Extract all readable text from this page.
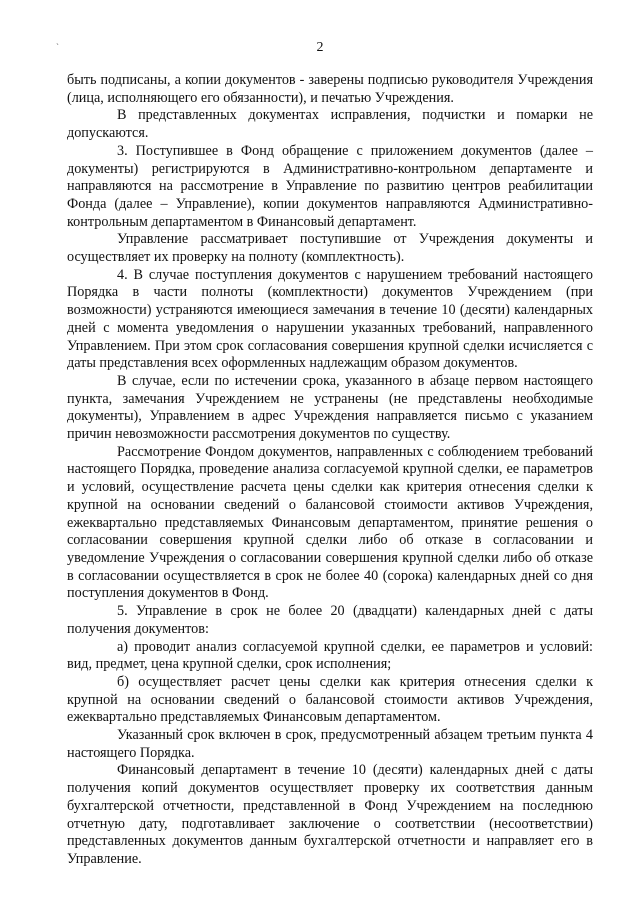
`	2

быть подписаны, а копии документов - заверены подписью руководителя Учреждения (лица, исполняющего его обязанности), и печатью Учреждения.

В представленных документах исправления, подчистки и помарки не допускаются.

3. Поступившее в Фонд обращение с приложением документов (далее – документы) регистрируются в Административно-контрольном департаменте и направляются на рассмотрение в Управление по развитию центров реабилитации Фонда (далее – Управление), копии документов направляются Административно-контрольным департаментом в Финансовый департамент.

Управление рассматривает поступившие от Учреждения документы и осуществляет их проверку на полноту (комплектность).

4. В случае поступления документов с нарушением требований настоящего Порядка в части полноты (комплектности) документов Учреждением (при возможности) устраняются имеющиеся замечания в течение 10 (десяти) календарных дней с момента уведомления о нарушении указанных требований, направленного Управлением. При этом срок согласования совершения крупной сделки исчисляется с даты представления всех оформленных надлежащим образом документов.

В случае, если по истечении срока, указанного в абзаце первом настоящего пункта, замечания Учреждением не устранены (не представлены необходимые документы), Управлением в адрес Учреждения направляется письмо с указанием причин невозможности рассмотрения документов по существу.

Рассмотрение Фондом документов, направленных с соблюдением требований настоящего Порядка, проведение анализа согласуемой крупной сделки, ее параметров и условий, осуществление расчета цены сделки как критерия отнесения сделки к крупной на основании сведений о балансовой стоимости активов Учреждения, ежеквартально представляемых Финансовым департаментом, принятие решения о согласовании совершения крупной сделки либо об отказе в согласовании и уведомление Учреждения о согласовании совершения крупной сделки либо об отказе в согласовании осуществляется в срок не более 40 (сорока) календарных дней со дня поступления документов в Фонд.

5. Управление в срок не более 20 (двадцати) календарных дней с даты получения документов:

а) проводит анализ согласуемой крупной сделки, ее параметров и условий: вид, предмет, цена крупной сделки, срок исполнения;

б) осуществляет расчет цены сделки как критерия отнесения сделки к крупной на основании сведений о балансовой стоимости активов Учреждения, ежеквартально представляемых Финансовым департаментом.

Указанный срок включен в срок, предусмотренный абзацем третьим пункта 4 настоящего Порядка.

Финансовый департамент в течение 10 (десяти) календарных дней с даты получения копий документов осуществляет проверку их соответствия данным бухгалтерской отчетности, представленной в Фонд Учреждением на последнюю отчетную дату, подготавливает заключение о соответствии (несоответствии) представленных документов данным бухгалтерской отчетности и направляет его в Управление.
